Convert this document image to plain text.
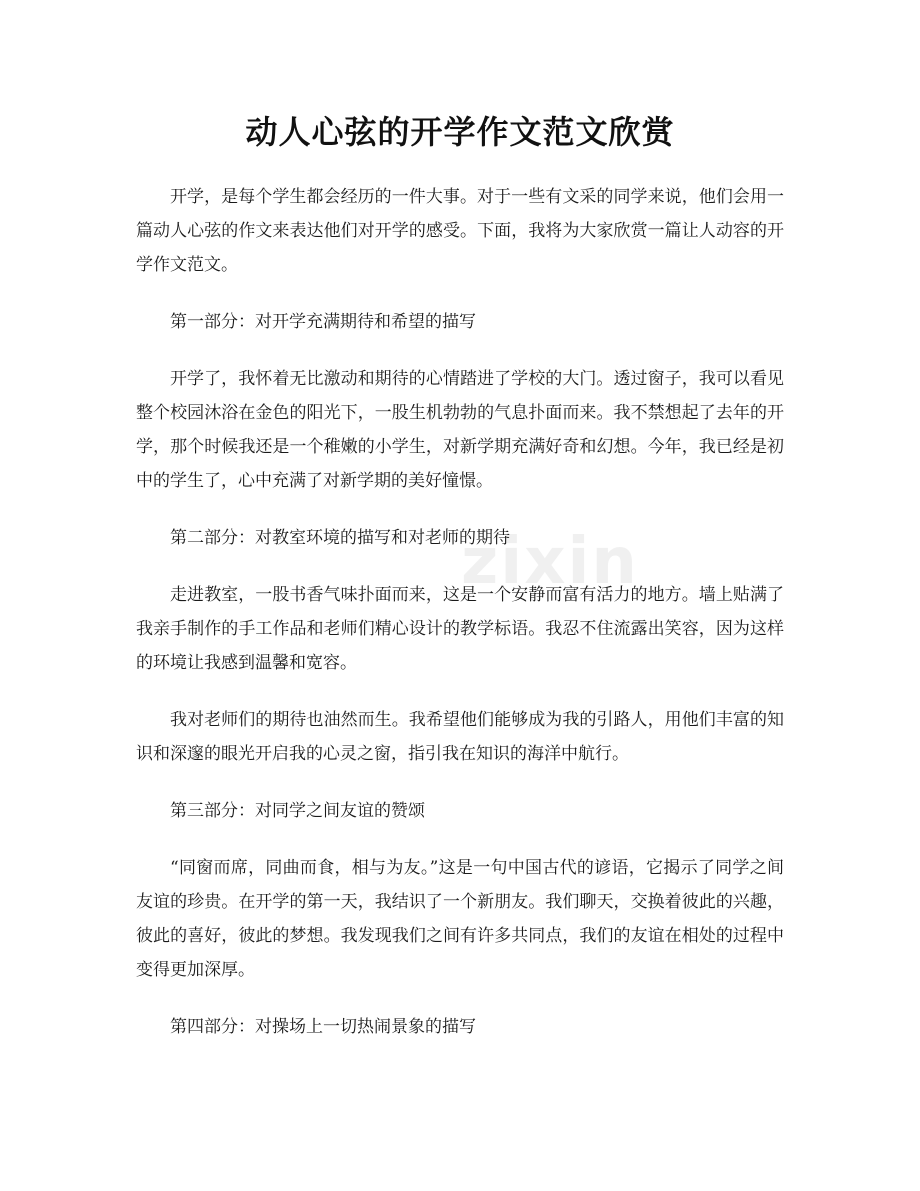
动人心弦的开学作文范文欣赏
zixin

开学，是每个学生都会经历的一件大事。对于一些有文采的同学来说，他们会用一篇动人心弦的作文来表达他们对开学的感受。下面，我将为大家欣赏一篇让人动容的开学作文范文。

第一部分：对开学充满期待和希望的描写

开学了，我怀着无比激动和期待的心情踏进了学校的大门。透过窗子，我可以看见整个校园沐浴在金色的阳光下，一股生机勃勃的气息扑面而来。我不禁想起了去年的开学，那个时候我还是一个稚嫩的小学生，对新学期充满好奇和幻想。今年，我已经是初中的学生了，心中充满了对新学期的美好憧憬。

第二部分：对教室环境的描写和对老师的期待

走进教室，一股书香气味扑面而来，这是一个安静而富有活力的地方。墙上贴满了我亲手制作的手工作品和老师们精心设计的教学标语。我忍不住流露出笑容，因为这样的环境让我感到温馨和宽容。

我对老师们的期待也油然而生。我希望他们能够成为我的引路人，用他们丰富的知识和深邃的眼光开启我的心灵之窗，指引我在知识的海洋中航行。

第三部分：对同学之间友谊的赞颂

“同窗而席，同曲而食，相与为友。”这是一句中国古代的谚语，它揭示了同学之间友谊的珍贵。在开学的第一天，我结识了一个新朋友。我们聊天，交换着彼此的兴趣，彼此的喜好，彼此的梦想。我发现我们之间有许多共同点，我们的友谊在相处的过程中变得更加深厚。

第四部分：对操场上一切热闹景象的描写
